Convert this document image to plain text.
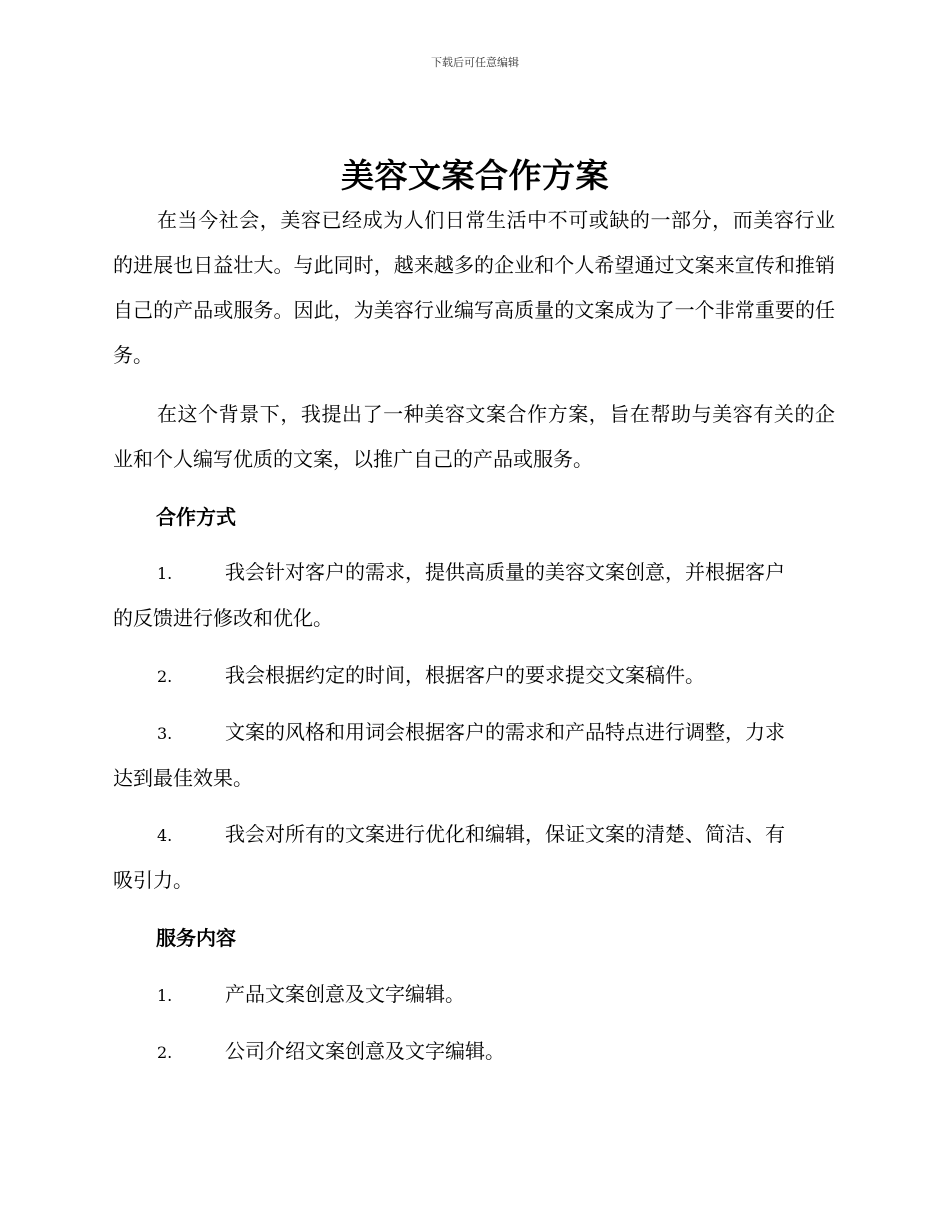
下载后可任意编辑
美容文案合作方案
在当今社会，美容已经成为人们日常生活中不可或缺的一部分，而美容行业的进展也日益壮大。与此同时，越来越多的企业和个人希望通过文案来宣传和推销自己的产品或服务。因此，为美容行业编写高质量的文案成为了一个非常重要的任务。
在这个背景下，我提出了一种美容文案合作方案，旨在帮助与美容有关的企业和个人编写优质的文案，以推广自己的产品或服务。
合作方式
1.	我会针对客户的需求，提供高质量的美容文案创意，并根据客户
的反馈进行修改和优化。
2.	我会根据约定的时间，根据客户的要求提交文案稿件。
3.	文案的风格和用词会根据客户的需求和产品特点进行调整，力求
达到最佳效果。
4.	我会对所有的文案进行优化和编辑，保证文案的清楚、简洁、有
吸引力。
服务内容
1.	产品文案创意及文字编辑。
2.	公司介绍文案创意及文字编辑。
